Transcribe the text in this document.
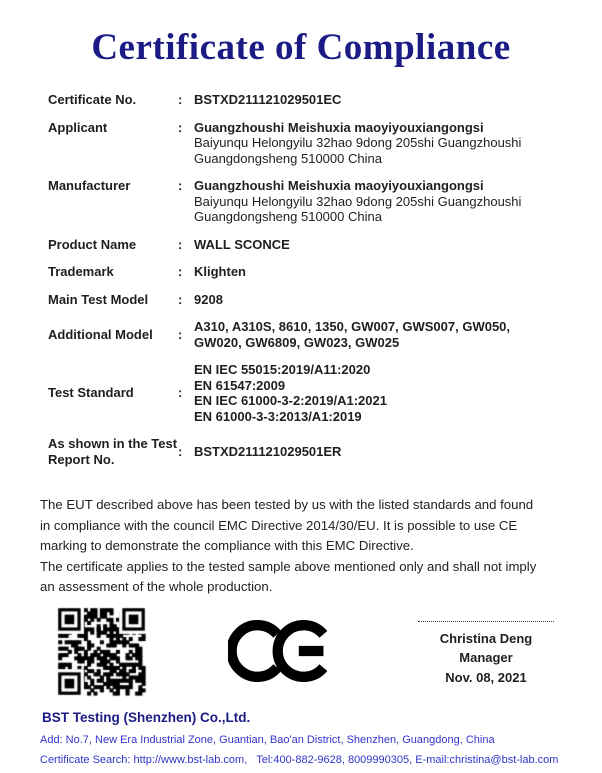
Certificate of Compliance
Certificate No.	: BSTXD211121029501EC
Applicant	: Guangzhoushi Meishuxia maoyiyouxiangongsi
Baiyunqu Helongyilu 32hao 9dong 205shi Guangzhoushi
Guangdongsheng 510000 China
Manufacturer	: Guangzhoushi Meishuxia maoyiyouxiangongsi
Baiyunqu Helongyilu 32hao 9dong 205shi Guangzhoushi
Guangdongsheng 510000 China
Product Name	: WALL SCONCE
Trademark	: Klighten
Main Test Model	: 9208
Additional Model	:
A310, A310S, 8610, 1350, GW007, GWS007, GW050,
GW020, GW6809, GW023, GW025
Test Standard	:
EN IEC 55015:2019/A11:2020
EN 61547:2009
EN IEC 61000-3-2:2019/A1:2021
EN 61000-3-3:2013/A1:2019
As shown in the Test Report No.
: BSTXD211121029501ER
The EUT described above has been tested by us with the listed standards and found
in compliance with the council EMC Directive 2014/30/EU. It is possible to use CE
marking to demonstrate the compliance with this EMC Directive.
The certificate applies to the tested sample above mentioned only and shall not imply
an assessment of the whole production.
Christina Deng
Manager
Nov. 08, 2021
BST Testing (Shenzhen) Co.,Ltd.
Add: No.7, New Era Industrial Zone, Guantian, Bao'an District, Shenzhen, Guangdong, China
Certificate Search: http://www.bst-lab.com,   Tel:400-882-9628, 8009990305, E-mail:christina@bst-lab.com
